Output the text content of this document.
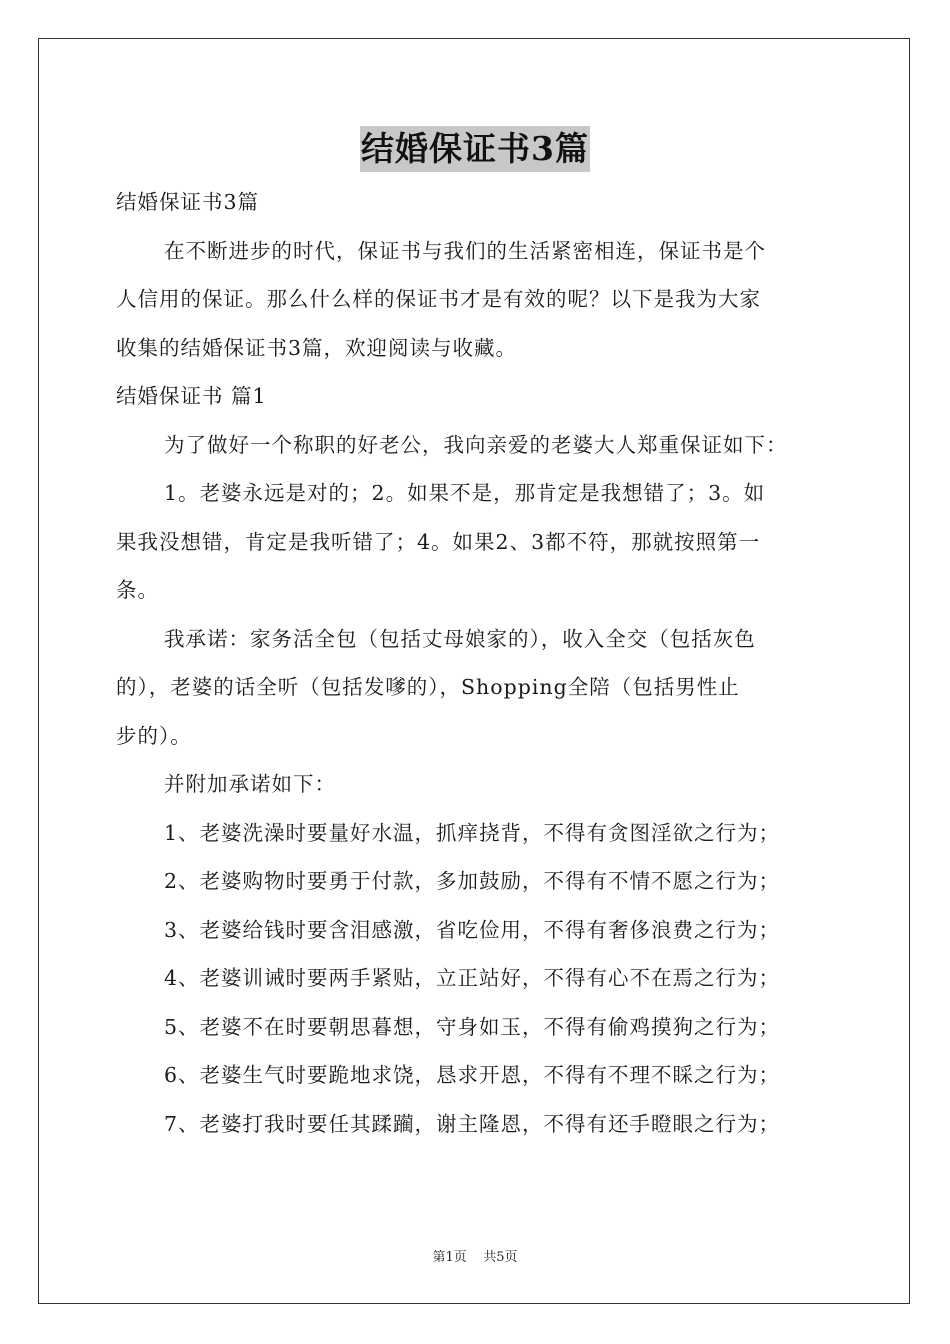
结婚保证书3篇
结婚保证书3篇
在不断进步的时代，保证书与我们的生活紧密相连，保证书是个
人信用的保证。那么什么样的保证书才是有效的呢？以下是我为大家
收集的结婚保证书3篇，欢迎阅读与收藏。
结婚保证书 篇1
为了做好一个称职的好老公，我向亲爱的老婆大人郑重保证如下：
1。老婆永远是对的；2。如果不是，那肯定是我想错了；3。如
果我没想错，肯定是我听错了；4。如果2、3都不符，那就按照第一
条。
我承诺：家务活全包（包括丈母娘家的），收入全交（包括灰色
的），老婆的话全听（包括发嗲的），Shopping全陪（包括男性止
步的）。
并附加承诺如下：
1、老婆洗澡时要量好水温，抓痒挠背，不得有贪图淫欲之行为；
2、老婆购物时要勇于付款，多加鼓励，不得有不情不愿之行为；
3、老婆给钱时要含泪感激，省吃俭用，不得有奢侈浪费之行为；
4、老婆训诫时要两手紧贴，立正站好，不得有心不在焉之行为；
5、老婆不在时要朝思暮想，守身如玉，不得有偷鸡摸狗之行为；
6、老婆生气时要跪地求饶，恳求开恩，不得有不理不睬之行为；
7、老婆打我时要任其蹂躏，谢主隆恩，不得有还手瞪眼之行为；
第1页    共5页
